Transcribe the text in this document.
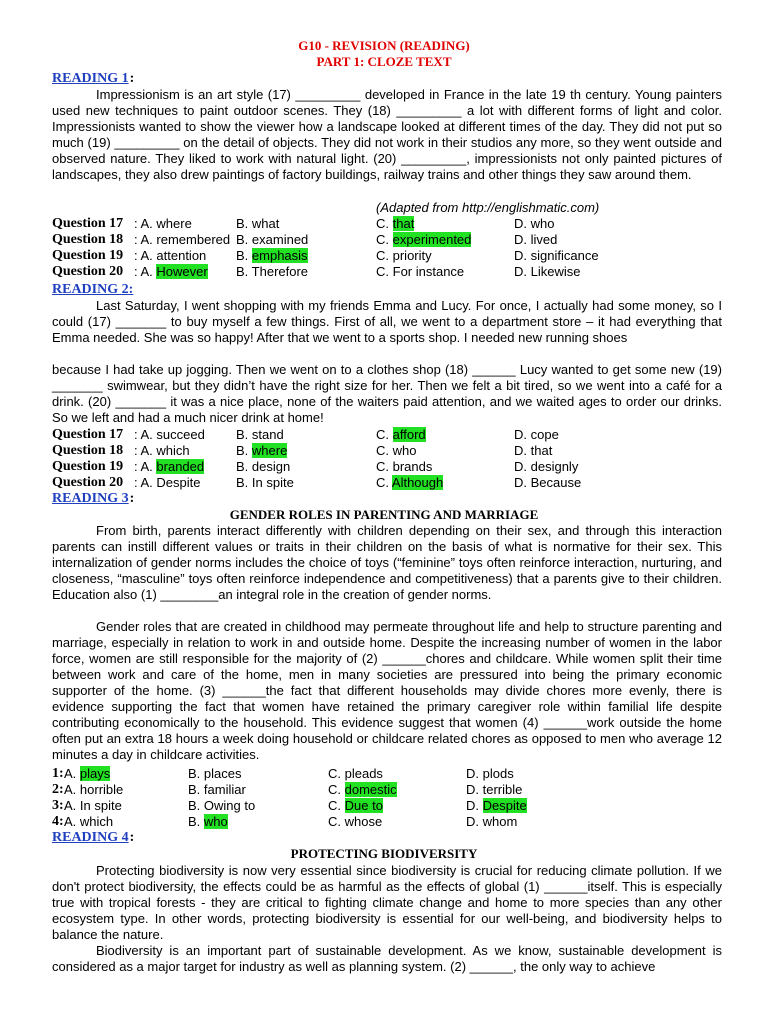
G10 - REVISION (READING)
PART 1: CLOZE TEXT
READING 1:

Impressionism is an art style (17) _________ developed in France in the late 19 th century. Young painters used new techniques to paint outdoor scenes. They (18) _________ a lot with different forms of light and color. Impressionists wanted to show the viewer how a landscape looked at different times of the day. They did not put so much (19) _________ on the detail of objects. They did not work in their studios any more, so they went outside and observed nature. They liked to work with natural light. (20) _________, impressionists not only painted pictures of landscapes, they also drew paintings of factory buildings, railway trains and other things they saw around them.

(Adapted from http://englishmatic.com)
Question 17 : A. where	B. what	C. that	D. who
Question 18 : A. remembered B. examined	C. experimented	D. lived
Question 19 : A. attention B. emphasis	C. priority	D. significance
Question 20 : A. However B. Therefore	C. For instance	D. Likewise
READING 2:

Last Saturday, I went shopping with my friends Emma and Lucy. For once, I actually had some money, so I could (17) _______ to buy myself a few things. First of all, we went to a department store – it had everything that Emma needed. She was so happy! After that we went to a sports shop. I needed new running shoes

because I had take up jogging. Then we went on to a clothes shop (18) ______ Lucy wanted to get some new (19) _______ swimwear, but they didn’t have the right size for her. Then we felt a bit tired, so we went into a café for a drink. (20) _______ it was a nice place, none of the waiters paid attention, and we waited ages to order our drinks. So we left and had a much nicer drink at home!

Question 17 : A. succeed B. stand	C. afford	D. cope
Question 18 : A. which	B. where	C. who	D. that
Question 19 : A. branded B. design	C. brands	D. designly
Question 20 : A. Despite	B. In spite	C. Although	D. Because
READING 3:
GENDER ROLES IN PARENTING AND MARRIAGE

From birth, parents interact differently with children depending on their sex, and through this interaction parents can instill different values or traits in their children on the basis of what is normative for their sex. This internalization of gender norms includes the choice of toys (“feminine” toys often reinforce interaction, nurturing, and closeness, “masculine” toys often reinforce independence and competitiveness) that a parents give to their children. Education also (1) ________an integral role in the creation of gender norms.

Gender roles that are created in childhood may permeate throughout life and help to structure parenting and marriage, especially in relation to work in and outside home. Despite the increasing number of women in the labor force, women are still responsible for the majority of (2) ______chores and childcare. While women split their time between work and care of the home, men in many societies are pressured into being the primary economic supporter of the home. (3) ______the fact that different households may divide chores more evenly, there is evidence supporting the fact that women have retained the primary caregiver role within familial life despite contributing economically to the household. This evidence suggest that women (4) ______work outside the home often put an extra 18 hours a week doing household or childcare related chores as opposed to men who average 12 minutes a day in childcare activities.

1: A. plays	B. places	C. pleads	D. plods
2: A. horrible	B. familiar	C. domestic	D. terrible
3: A. In spite	B. Owing to	C. Due to	D. Despite
4: A. which	B. who	C. whose	D. whom
READING 4:
PROTECTING BIODIVERSITY

Protecting biodiversity is now very essential since biodiversity is crucial for reducing climate pollution. If we don't protect biodiversity, the effects could be as harmful as the effects of global (1) ______itself. This is especially true with tropical forests - they are critical to fighting climate change and home to more species than any other ecosystem type. In other words, protecting biodiversity is essential for our well-being, and biodiversity helps to balance the nature.

Biodiversity is an important part of sustainable development. As we know, sustainable development is considered as a major target for industry as well as planning system. (2) ______, the only way to achieve
